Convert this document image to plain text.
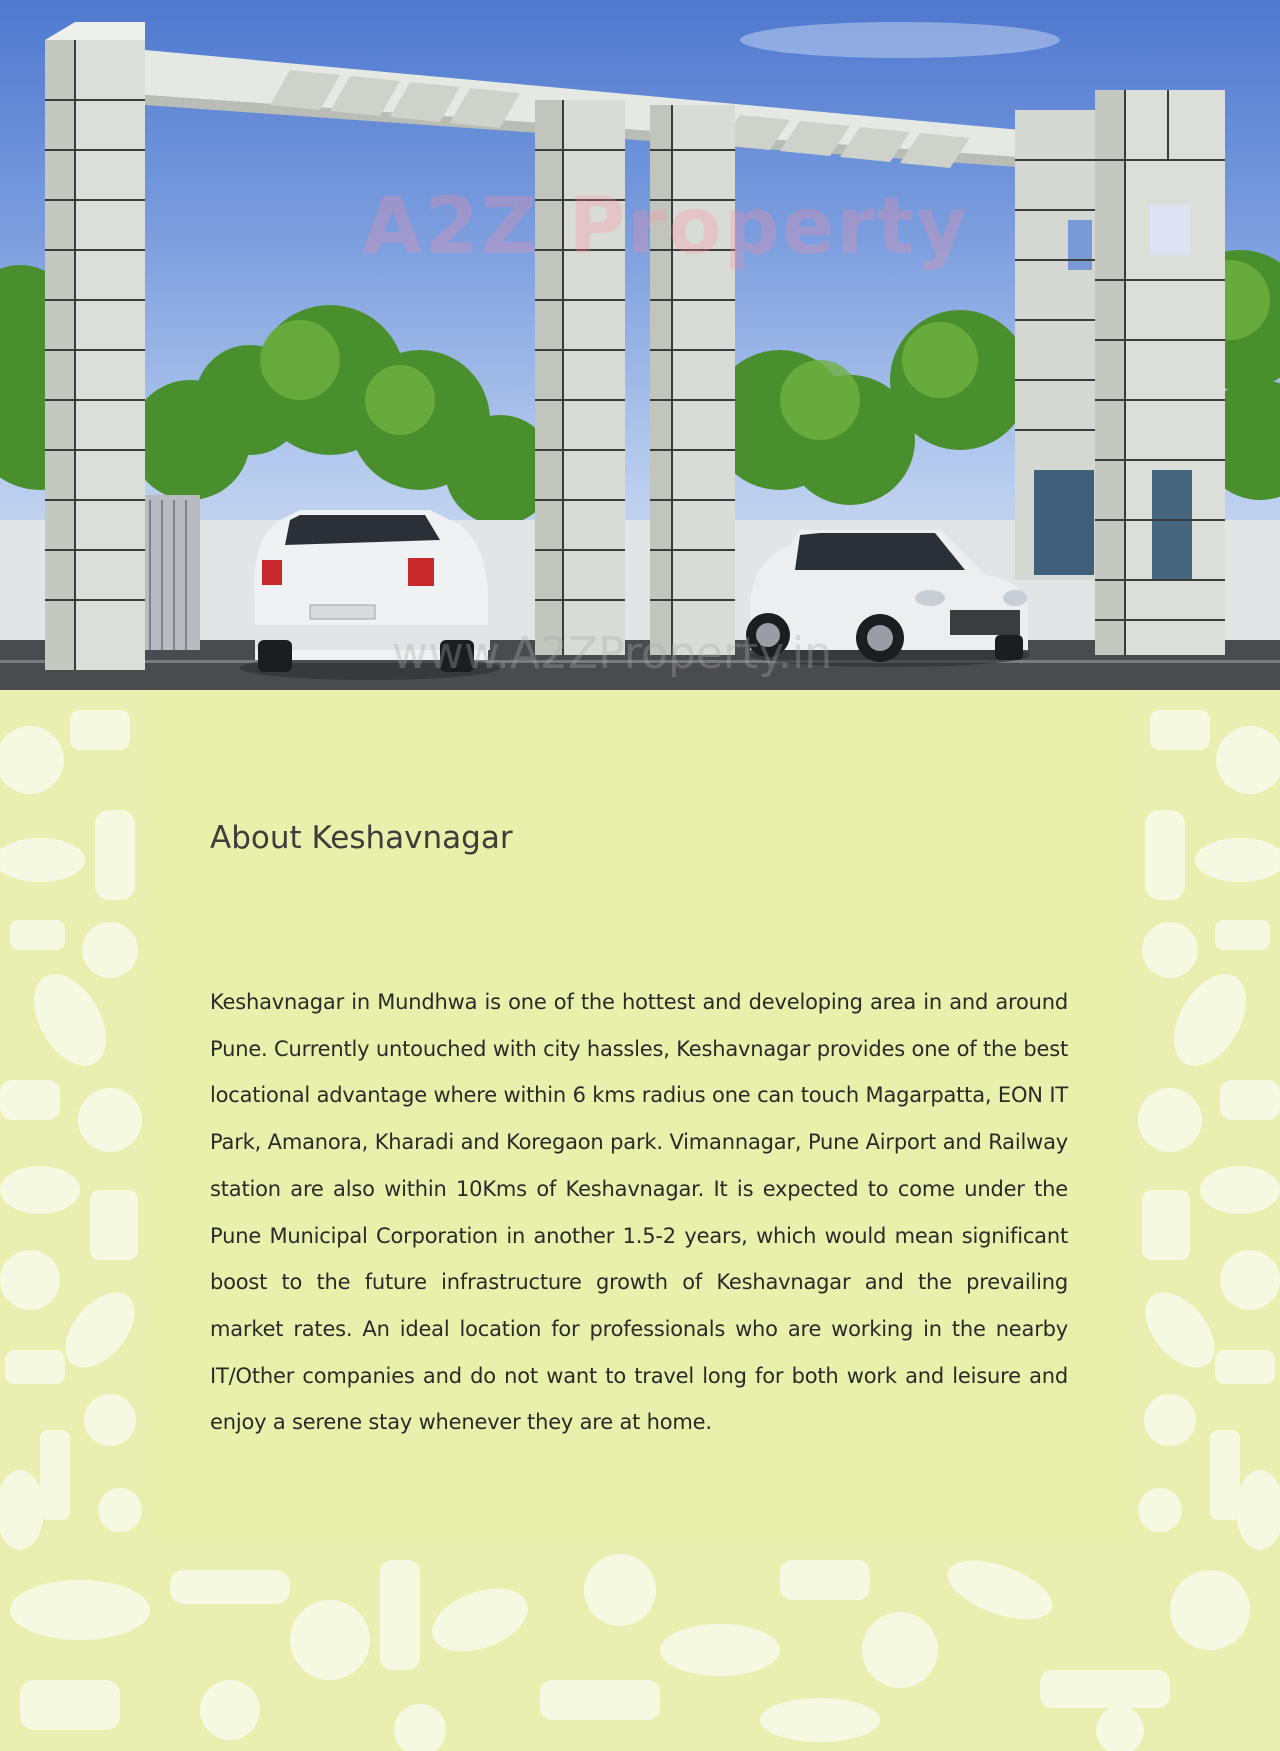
A2Z Property
www.A2ZProperty.in
About Keshavnagar

Keshavnagar in Mundhwa is one of the hottest and developing area in and around Pune. Currently untouched with city hassles, Keshavnagar provides one of the best locational advantage where within 6 kms radius one can touch Magarpatta, EON IT Park, Amanora, Kharadi and Koregaon park. Vimannagar, Pune Airport and Railway station are also within 10Kms of Keshavnagar. It is expected to come under the Pune Municipal Corporation in another 1.5-2 years, which would mean significant boost to the future infrastructure growth of Keshavnagar and the prevailing market rates. An ideal location for professionals who are working in the nearby IT/Other companies and do not want to travel long for both work and leisure and enjoy a serene stay whenever they are at home.
